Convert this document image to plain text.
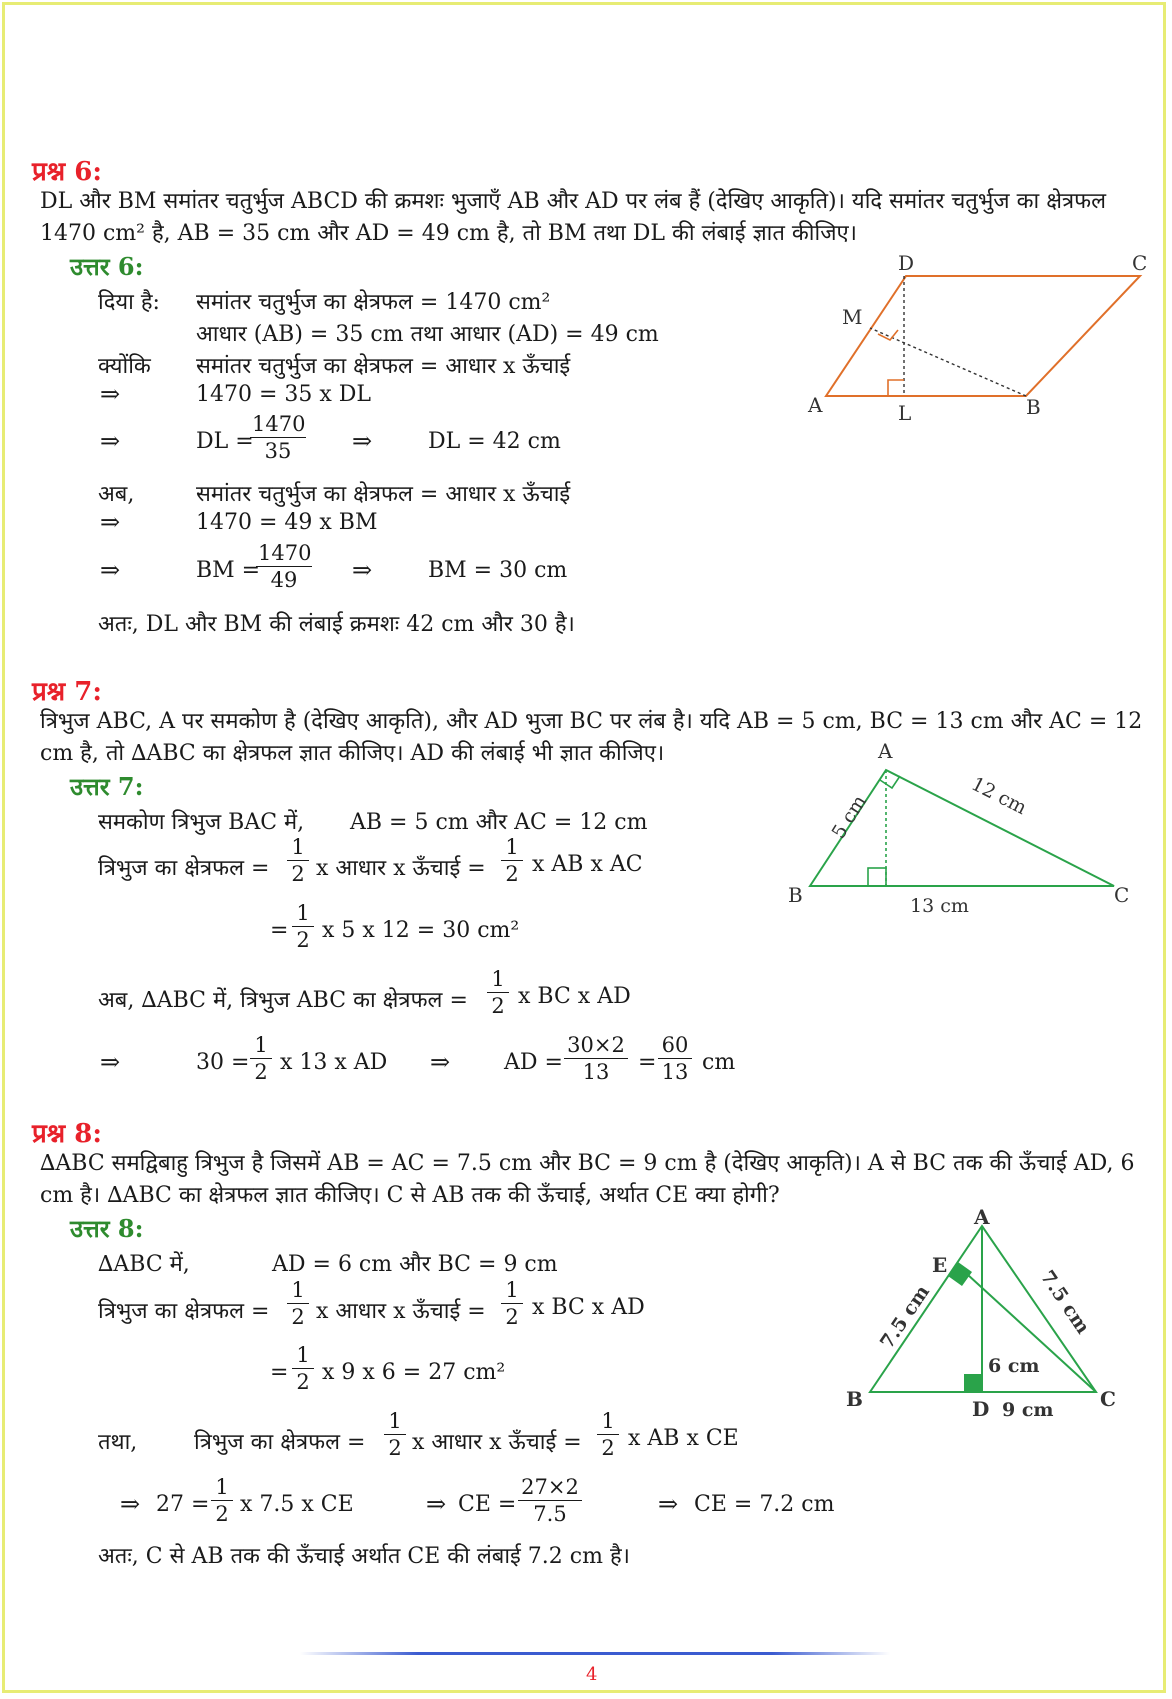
प्रश्न 6:
DL और BM समांतर चतुर्भुज ABCD की क्रमशः भुजाएँ AB और AD पर लंब हैं (देखिए आकृति)। यदि समांतर चतुर्भुज का क्षेत्रफल 1470 cm² है, AB = 35 cm और AD = 49 cm है, तो BM तथा DL की लंबाई ज्ञात कीजिए।
उत्तर 6:
दिया है: समांतर चतुर्भुज का क्षेत्रफल = 1470 cm²
आधार (AB) = 35 cm तथा आधार (AD) = 49 cm
क्योंकि समांतर चतुर्भुज का क्षेत्रफल = आधार x ऊँचाई
⇒	1470 = 35 x DL
⇒	DL =
$\frac{1470}{35}$ ⇒	DL = 42 cm
अब,	समांतर चतुर्भुज का क्षेत्रफल = आधार x ऊँचाई
⇒	1470 = 49 x BM
⇒	BM =
$\frac{1470}{49}$ ⇒	BM = 30 cm
अतः, DL और BM की लंबाई क्रमशः 42 cm और 30 है।
D	C
M
A	L	B
प्रश्न 7:
त्रिभुज ABC, A पर समकोण है (देखिए आकृति), और AD भुजा BC पर लंब है। यदि AB = 5 cm, BC = 13 cm और AC = 12 cm है, तो ∆ABC का क्षेत्रफल ज्ञात कीजिए। AD की लंबाई भी ज्ञात कीजिए।
उत्तर 7:
समकोण त्रिभुज BAC में, AB = 5 cm और AC = 12 cm
त्रिभुज का क्षेत्रफल = $\frac{1}{2}$ x आधार x ऊँचाई = $\frac{1}{2}$ x AB x AC
= $\frac{1}{2}$ x 5 x 12 = 30 cm²
अब, ∆ABC में, त्रिभुज ABC का क्षेत्रफल = $\frac{1}{2}$ x BC x AD
⇒	$30 = \frac{1}{2}$ x 13 x AD ⇒ AD = $\frac{30\times 2}{13} = \frac{60}{13}$ cm
A
B	C
5 cm	12 cm
13 cm
प्रश्न 8:
∆ABC समद्विबाहु त्रिभुज है जिसमें AB = AC = 7.5 cm और BC = 9 cm है (देखिए आकृति)। A से BC तक की ऊँचाई AD, 6 cm है। ∆ABC का क्षेत्रफल ज्ञात कीजिए। C से AB तक की ऊँचाई, अर्थात CE क्या होगी?
उत्तर 8:
∆ABC में,	AD = 6 cm और BC = 9 cm
त्रिभुज का क्षेत्रफल = $\frac{1}{2}$ x आधार x ऊँचाई = $\frac{1}{2}$ x BC x AD
= $\frac{1}{2}$ x 9 x 6 = 27 cm²
तथा,	त्रिभुज का क्षेत्रफल = $\frac{1}{2}$ x आधार x ऊँचाई = $\frac{1}{2}$ x AB x CE
⇒ $27 = \frac{1}{2}$ x 7.5 x CE	⇒ CE = $\frac{27\times 2}{7.5}$	⇒ CE = 7.2 cm
अतः, C से AB तक की ऊँचाई अर्थात CE की लंबाई 7.2 cm है।
A
B	C
D
E
7.5 cm	7.5 cm
6 cm
9 cm
4
